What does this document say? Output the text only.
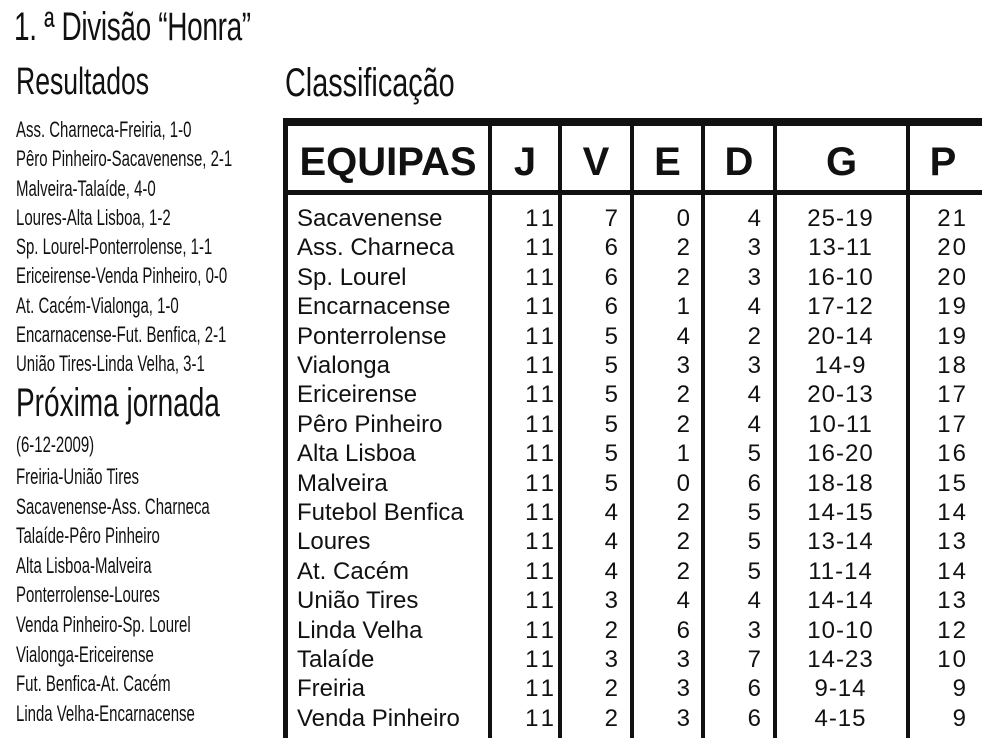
1. ª Divisão “Honra”
Resultados
Ass. Charneca-Freiria, 1-0
Pêro Pinheiro-Sacavenense, 2-1
Malveira-Talaíde, 4-0
Loures-Alta Lisboa, 1-2
Sp. Lourel-Ponterrolense, 1-1
Ericeirense-Venda Pinheiro, 0-0
At. Cacém-Vialonga, 1-0
Encarnacense-Fut. Benfica, 2-1
União Tires-Linda Velha, 3-1
Próxima jornada
(6-12-2009)
Freiria-União Tires
Sacavenense-Ass. Charneca
Talaíde-Pêro Pinheiro
Alta Lisboa-Malveira
Ponterrolense-Loures
Venda Pinheiro-Sp. Lourel
Vialonga-Ericeirense
Fut. Benfica-At. Cacém
Linda Velha-Encarnacense
Classificação
EQUIPAS J	V	E	D	G	P
Sacavenense	11	7	0	4	25-19	21
Ass. Charneca	11	6	2	3	13-11	20
Sp. Lourel	11	6	2	3	16-10	20
Encarnacense	11	6	1	4	17-12	19
Ponterrolense	11	5	4	2	20-14	19
Vialonga	11	5	3	3	14-9	18
Ericeirense	11	5	2	4	20-13	17
Pêro Pinheiro	11	5	2	4	10-11	17
Alta Lisboa	11	5	1	5	16-20	16
Malveira	11	5	0	6	18-18	15
Futebol Benfica	11	4	2	5	14-15	14
Loures	11	4	2	5	13-14	13
At. Cacém	11	4	2	5	11-14	14
União Tires	11	3	4	4	14-14	13
Linda Velha	11	2	6	3	10-10	12
Talaíde	11	3	3	7	14-23	10
Freiria	11	2	3	6	9-14	9
Venda Pinheiro	11	2	3	6	4-15	9
